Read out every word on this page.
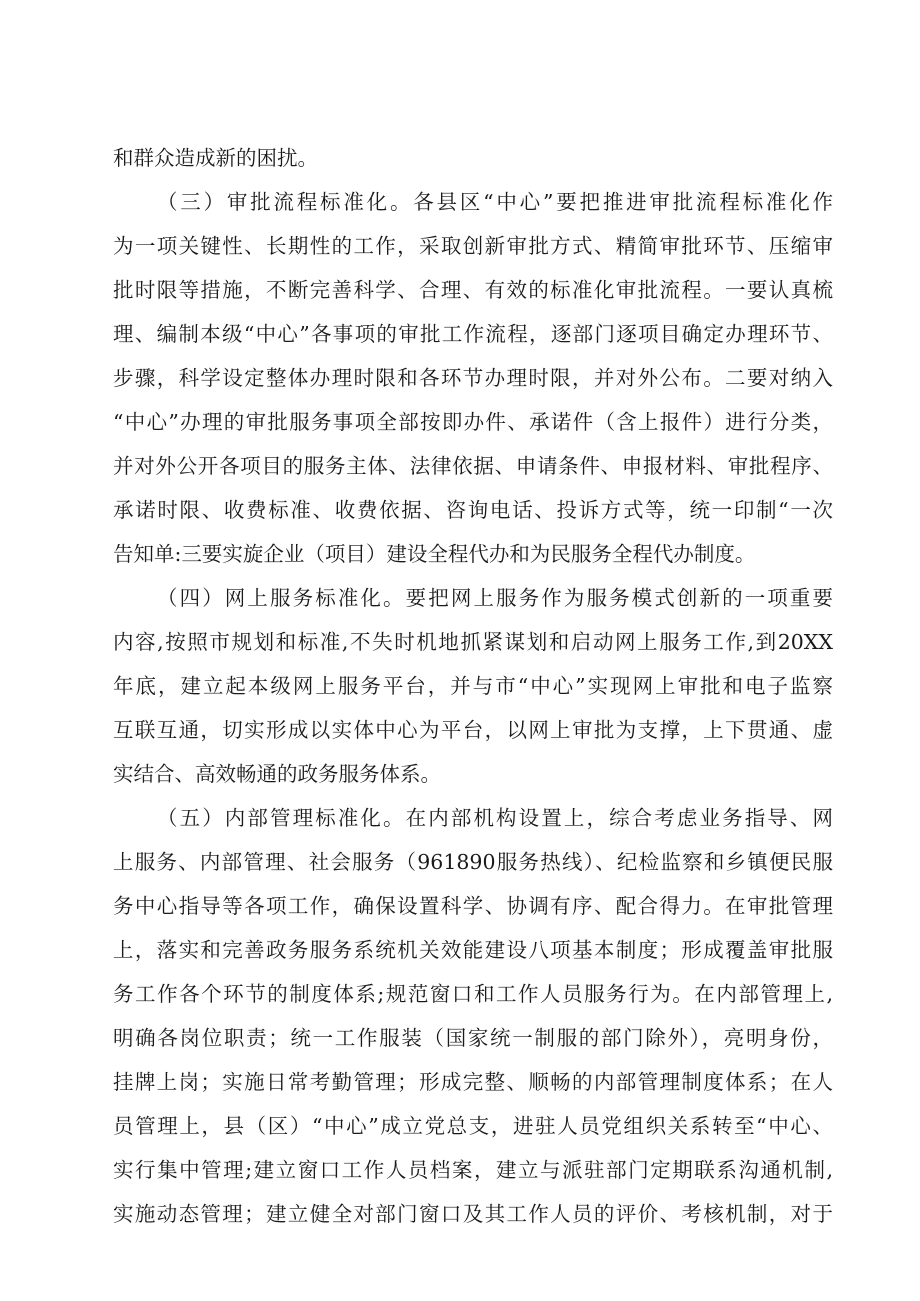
和群众造成新的困扰。
（三）审批流程标准化。各县区“中心”要把推进审批流程标准化作
为一项关键性、长期性的工作，采取创新审批方式、精简审批环节、压缩审
批时限等措施，不断完善科学、合理、有效的标准化审批流程。一要认真梳
理、编制本级“中心”各事项的审批工作流程，逐部门逐项目确定办理环节、
步骤，科学设定整体办理时限和各环节办理时限，并对外公布。二要对纳入
“中心”办理的审批服务事项全部按即办件、承诺件（含上报件）进行分类，
并对外公开各项目的服务主体、法律依据、申请条件、申报材料、审批程序、
承诺时限、收费标准、收费依据、咨询电话、投诉方式等，统一印制“一次
告知单:三要实旋企业（项目）建设全程代办和为民服务全程代办制度。
（四）网上服务标准化。要把网上服务作为服务模式创新的一项重要
内容,按照市规划和标准,不失时机地抓紧谋划和启动网上服务工作,到20XX
年底，建立起本级网上服务平台，并与市“中心”实现网上审批和电子监察
互联互通，切实形成以实体中心为平台，以网上审批为支撑，上下贯通、虚
实结合、高效畅通的政务服务体系。
（五）内部管理标准化。在内部机构设置上，综合考虑业务指导、网
上服务、内部管理、社会服务（961890服务热线）、纪检监察和乡镇便民服
务中心指导等各项工作，确保设置科学、协调有序、配合得力。在审批管理
上，落实和完善政务服务系统机关效能建设八项基本制度；形成覆盖审批服
务工作各个环节的制度体系;规范窗口和工作人员服务行为。在内部管理上,
明确各岗位职责；统一工作服装（国家统一制服的部门除外），亮明身份，
挂牌上岗；实施日常考勤管理；形成完整、顺畅的内部管理制度体系；在人
员管理上，县（区）“中心”成立党总支，进驻人员党组织关系转至“中心、
实行集中管理;建立窗口工作人员档案，建立与派驻部门定期联系沟通机制,
实施动态管理；建立健全对部门窗口及其工作人员的评价、考核机制，对于
